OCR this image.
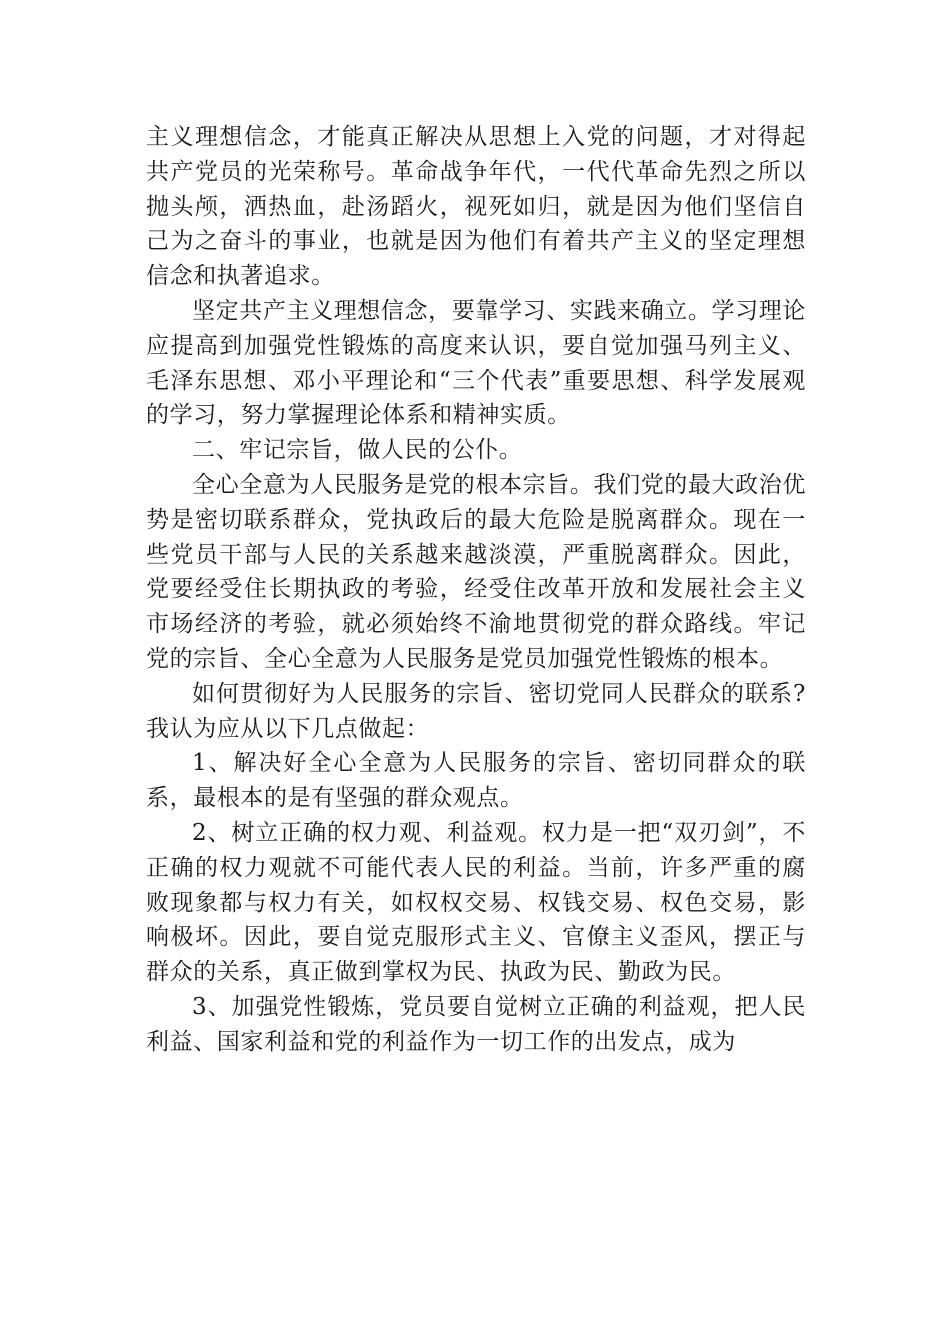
主义理想信念，才能真正解决从思想上入党的问题，才对得起共产党员的光荣称号。革命战争年代，一代代革命先烈之所以抛头颅，洒热血，赴汤蹈火，视死如归，就是因为他们坚信自己为之奋斗的事业，也就是因为他们有着共产主义的坚定理想信念和执著追求。

坚定共产主义理想信念，要靠学习、实践来确立。学习理论应提高到加强党性锻炼的高度来认识，要自觉加强马列主义、毛泽东思想、邓小平理论和“三个代表”重要思想、科学发展观的学习，努力掌握理论体系和精神实质。

二、牢记宗旨，做人民的公仆。

全心全意为人民服务是党的根本宗旨。我们党的最大政治优势是密切联系群众，党执政后的最大危险是脱离群众。现在一些党员干部与人民的关系越来越淡漠，严重脱离群众。因此，党要经受住长期执政的考验，经受住改革开放和发展社会主义市场经济的考验，就必须始终不渝地贯彻党的群众路线。牢记党的宗旨、全心全意为人民服务是党员加强党性锻炼的根本。

如何贯彻好为人民服务的宗旨、密切党同人民群众的联系?我认为应从以下几点做起：

1、解决好全心全意为人民服务的宗旨、密切同群众的联系，最根本的是有坚强的群众观点。

2、树立正确的权力观、利益观。权力是一把“双刃剑”，不正确的权力观就不可能代表人民的利益。当前，许多严重的腐败现象都与权力有关，如权权交易、权钱交易、权色交易，影响极坏。因此，要自觉克服形式主义、官僚主义歪风，摆正与群众的关系，真正做到掌权为民、执政为民、勤政为民。

3、加强党性锻炼，党员要自觉树立正确的利益观，把人民利益、国家利益和党的利益作为一切工作的出发点，成为
